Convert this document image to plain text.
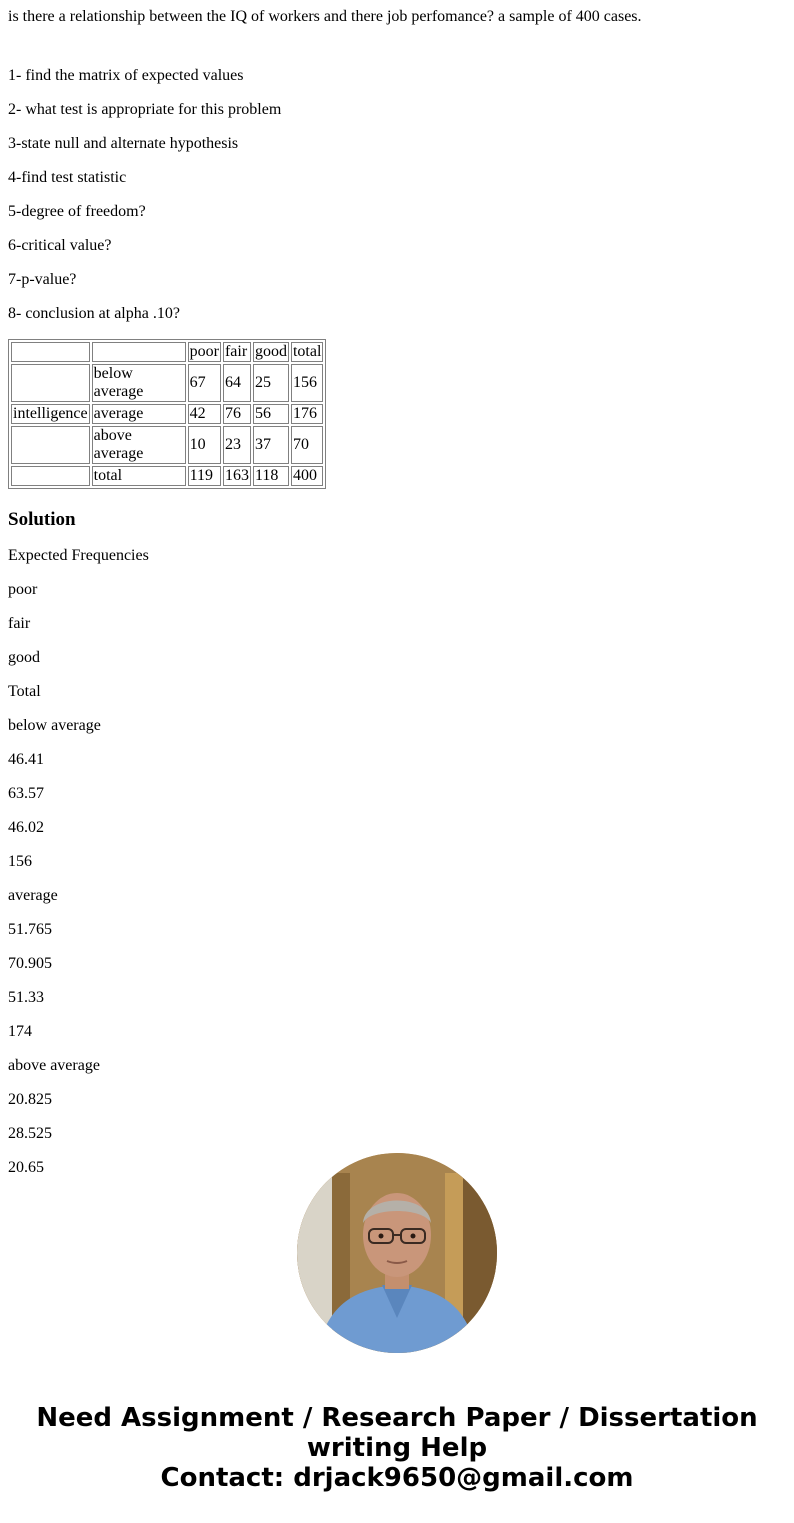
is there a relationship between the IQ of workers and there job perfomance? a sample of 400 cases.

1- find the matrix of expected values

2- what test is appropriate for this problem

3-state null and alternate hypothesis

4-find test statistic

5-degree of freedom?

6-critical value?

7-p-value?

8- conclusion at alpha .10?

		poor	fair	good	total
	below average	67	64	25	156
intelligence	average	42	76	56	176
	above average	10	23	37	70
	total	119	163	118	400
Solution

Expected Frequencies

poor

fair

good

Total

below average

46.41

63.57

46.02

156

average

51.765

70.905

51.33

174

above average

20.825

28.525

20.65

Need Assignment / Research Paper / Dissertation
writing Help
Contact: drjack9650@gmail.com
